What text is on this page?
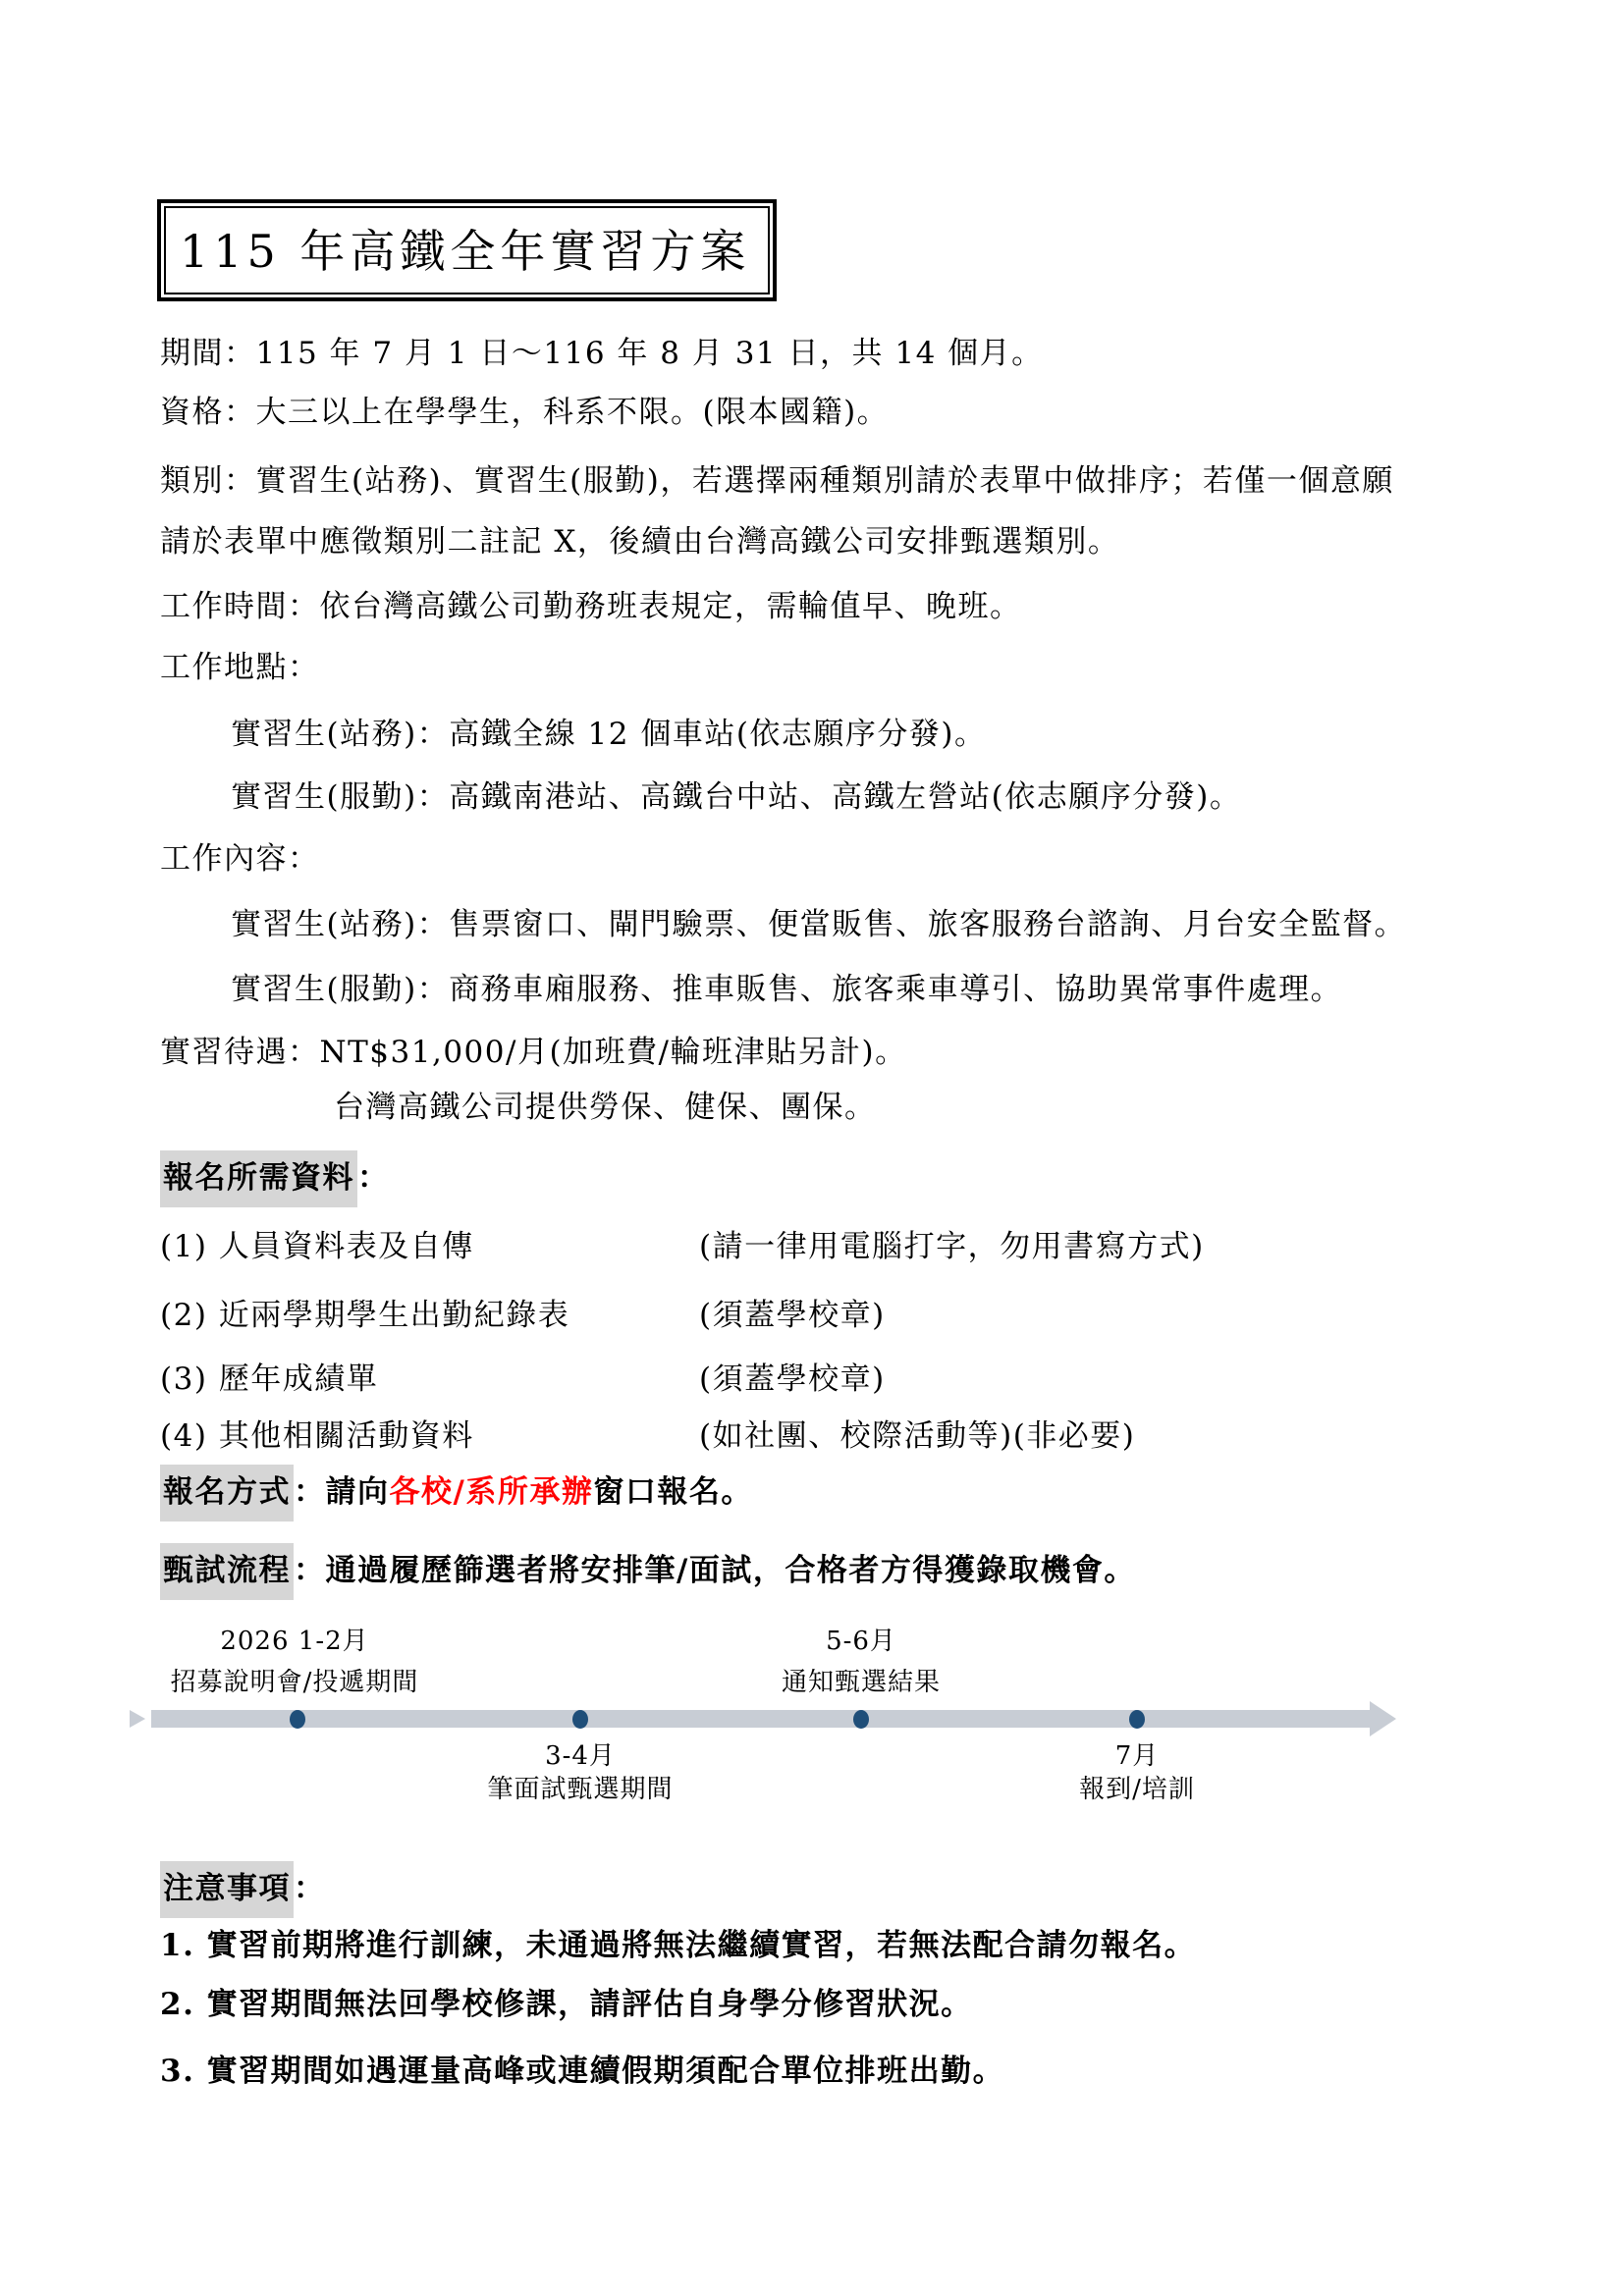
115 年高鐵全年實習方案
期間：115 年 7 月 1 日～116 年 8 月 31 日，共 14 個月。
資格：大三以上在學學生，科系不限。(限本國籍)。
類別：實習生(站務)、實習生(服勤)，若選擇兩種類別請於表單中做排序；若僅一個意願
請於表單中應徵類別二註記 X，後續由台灣高鐵公司安排甄選類別。
工作時間：依台灣高鐵公司勤務班表規定，需輪值早、晚班。
工作地點：
實習生(站務)：高鐵全線 12 個車站(依志願序分發)。
實習生(服勤)：高鐵南港站、高鐵台中站、高鐵左營站(依志願序分發)。
工作內容：
實習生(站務)：售票窗口、閘門驗票、便當販售、旅客服務台諮詢、月台安全監督。
實習生(服勤)：商務車廂服務、推車販售、旅客乘車導引、協助異常事件處理。
實習待遇：NT$31,000/月(加班費/輪班津貼另計)。
台灣高鐵公司提供勞保、健保、團保。
報名所需資料：
(1) 人員資料表及自傳	(請一律用電腦打字，勿用書寫方式)
(2) 近兩學期學生出勤紀錄表	(須蓋學校章)
(3) 歷年成績單	(須蓋學校章)
(4) 其他相關活動資料	(如社團、校際活動等)(非必要)
報名方式：請向各校/系所承辦窗口報名。
甄試流程：通過履歷篩選者將安排筆/面試，合格者方得獲錄取機會。
2026 1-2月
招募說明會/投遞期間
5-6月
通知甄選結果
3-4月
筆面試甄選期間
7月
報到/培訓
注意事項：
1. 實習前期將進行訓練，未通過將無法繼續實習，若無法配合請勿報名。
2. 實習期間無法回學校修課，請評估自身學分修習狀況。
3. 實習期間如遇運量高峰或連續假期須配合單位排班出勤。
